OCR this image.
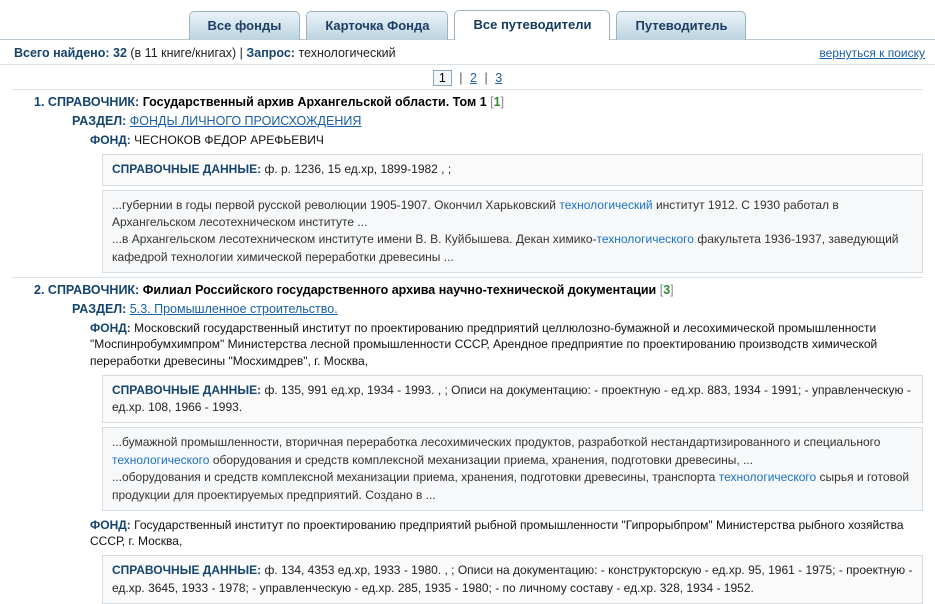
Все фонды	Карточка Фонда	Все путеводители	Путеводитель
Всего найдено: 32 (в 11 книге/книгах) | Запрос: технологический	вернуться к поиску
1 | 2 | 3
1. СПРАВОЧНИК: Государственный архив Архангельской области. Том 1 [1]
РАЗДЕЛ: ФОНДЫ ЛИЧНОГО ПРОИСХОЖДЕНИЯ
ФОНД: ЧЕСНОКОВ ФЕДОР АРЕФЬЕВИЧ
СПРАВОЧНЫЕ ДАННЫЕ: ф. р. 1236, 15 ед.хр, 1899-1982 , ;
...губернии в годы первой русской революции 1905-1907. Окончил Харьковский технологический институт 1912. С 1930 работал в Архангельском лесотехническом институте ...
...в Архангельском лесотехническом институте имени В. В. Куйбышева. Декан химико-технологического факультета 1936-1937, заведующий кафедрой технологии химической переработки древесины ...
2. СПРАВОЧНИК: Филиал Российского государственного архива научно-технической документации [3]
РАЗДЕЛ: 5.3. Промышленное строительство.
ФОНД: Московский государственный институт по проектированию предприятий целлюлозно-бумажной и лесохимической промышленности "Моспинробумхимпром" Министерства лесной промышленности СССР, Арендное предприятие по проектированию производств химической переработки древесины "Мосхимдрев", г. Москва,
СПРАВОЧНЫЕ ДАННЫЕ: ф. 135, 991 ед.хр, 1934 - 1993. , ; Описи на документацию: - проектную - ед.хр. 883, 1934 - 1991; - управленческую - ед.хр. 108, 1966 - 1993.
...бумажной промышленности, вторичная переработка лесохимических продуктов, разработкой нестандартизированного и специального технологического оборудования и средств комплексной механизации приема, хранения, подготовки древесины, ...
...оборудования и средств комплексной механизации приема, хранения, подготовки древесины, транспорта технологического сырья и готовой продукции для проектируемых предприятий. Создано в ...
ФОНД: Государственный институт по проектированию предприятий рыбной промышленности "Гипрорыбпром" Министерства рыбного хозяйства СССР, г. Москва,
СПРАВОЧНЫЕ ДАННЫЕ: ф. 134, 4353 ед.хр, 1933 - 1980. , ; Описи на документацию: - конструкторскую - ед.хр. 95, 1961 - 1975; - проектную - ед.хр. 3645, 1933 - 1978; - управленческую - ед.хр. 285, 1935 - 1980; - по личному составу - ед.хр. 328, 1934 - 1952.
